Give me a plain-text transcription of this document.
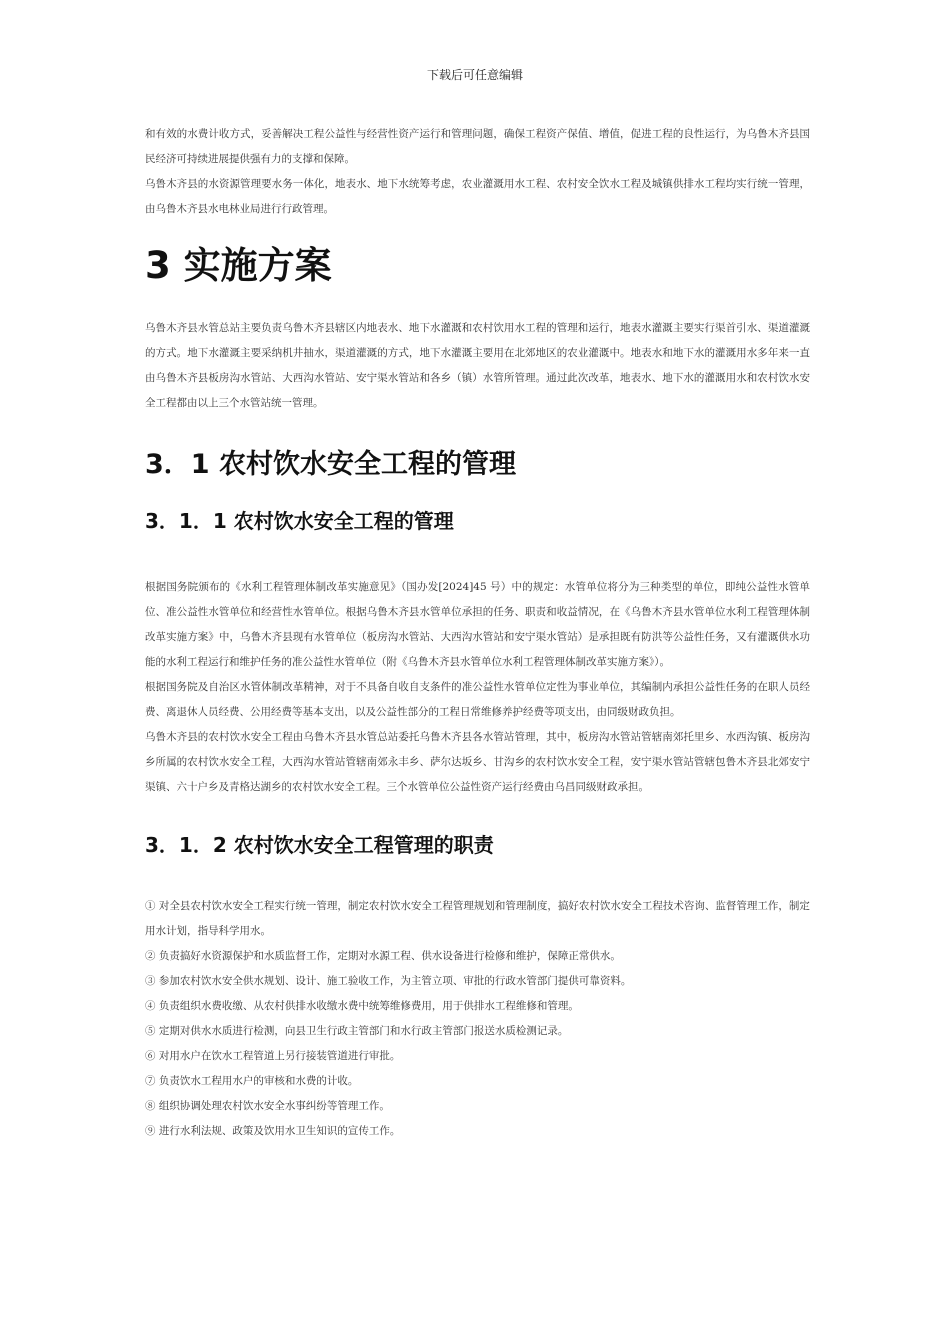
下载后可任意编辑

和有效的水费计收方式，妥善解决工程公益性与经营性资产运行和管理问题，确保工程资产保值、增值，促进工程的良性运行，为乌鲁木齐县国民经济可持续进展提供强有力的支撑和保障。

乌鲁木齐县的水资源管理要水务一体化，地表水、地下水统筹考虑，农业灌溉用水工程、农村安全饮水工程及城镇供排水工程均实行统一管理，由乌鲁木齐县水电林业局进行行政管理。

3 实施方案

乌鲁木齐县水管总站主要负责乌鲁木齐县辖区内地表水、地下水灌溉和农村饮用水工程的管理和运行，地表水灌溉主要实行渠首引水、渠道灌溉的方式。地下水灌溉主要采纳机井抽水，渠道灌溉的方式，地下水灌溉主要用在北郊地区的农业灌溉中。地表水和地下水的灌溉用水多年来一直由乌鲁木齐县板房沟水管站、大西沟水管站、安宁渠水管站和各乡（镇）水管所管理。通过此次改革，地表水、地下水的灌溉用水和农村饮水安全工程都由以上三个水管站统一管理。

3．1 农村饮水安全工程的管理
3．1．1 农村饮水安全工程的管理

根据国务院颁布的《水利工程管理体制改革实施意见》（国办发[2024]45 号）中的规定：水管单位将分为三种类型的单位，即纯公益性水管单位、准公益性水管单位和经营性水管单位。根据乌鲁木齐县水管单位承担的任务、职责和收益情况，在《乌鲁木齐县水管单位水利工程管理体制改革实施方案》中，乌鲁木齐县现有水管单位（板房沟水管站、大西沟水管站和安宁渠水管站）是承担既有防洪等公益性任务，又有灌溉供水功能的水利工程运行和维护任务的准公益性水管单位（附《乌鲁木齐县水管单位水利工程管理体制改革实施方案》）。

根据国务院及自治区水管体制改革精神，对于不具备自收自支条件的准公益性水管单位定性为事业单位，其编制内承担公益性任务的在职人员经费、离退休人员经费、公用经费等基本支出，以及公益性部分的工程日常维修养护经费等项支出，由同级财政负担。

乌鲁木齐县的农村饮水安全工程由乌鲁木齐县水管总站委托乌鲁木齐县各水管站管理，其中，板房沟水管站管辖南郊托里乡、水西沟镇、板房沟乡所属的农村饮水安全工程，大西沟水管站管辖南郊永丰乡、萨尔达坂乡、甘沟乡的农村饮水安全工程，安宁渠水管站管辖包鲁木齐县北郊安宁渠镇、六十户乡及青格达湖乡的农村饮水安全工程。三个水管单位公益性资产运行经费由乌昌同级财政承担。

3．1．2 农村饮水安全工程管理的职责

① 对全县农村饮水安全工程实行统一管理，制定农村饮水安全工程管理规划和管理制度，搞好农村饮水安全工程技术咨询、监督管理工作，制定用水计划，指导科学用水。

② 负责搞好水资源保护和水质监督工作，定期对水源工程、供水设备进行检修和维护，保障正常供水。

③ 参加农村饮水安全供水规划、设计、施工验收工作，为主管立项、审批的行政水管部门提供可靠资料。

④ 负责组织水费收缴、从农村供排水收缴水费中统筹维修费用，用于供排水工程维修和管理。

⑤ 定期对供水水质进行检测，向县卫生行政主管部门和水行政主管部门报送水质检测记录。

⑥ 对用水户在饮水工程管道上另行接装管道进行审批。

⑦ 负责饮水工程用水户的审核和水费的计收。

⑧ 组织协调处理农村饮水安全水事纠纷等管理工作。

⑨ 进行水利法规、政策及饮用水卫生知识的宣传工作。
